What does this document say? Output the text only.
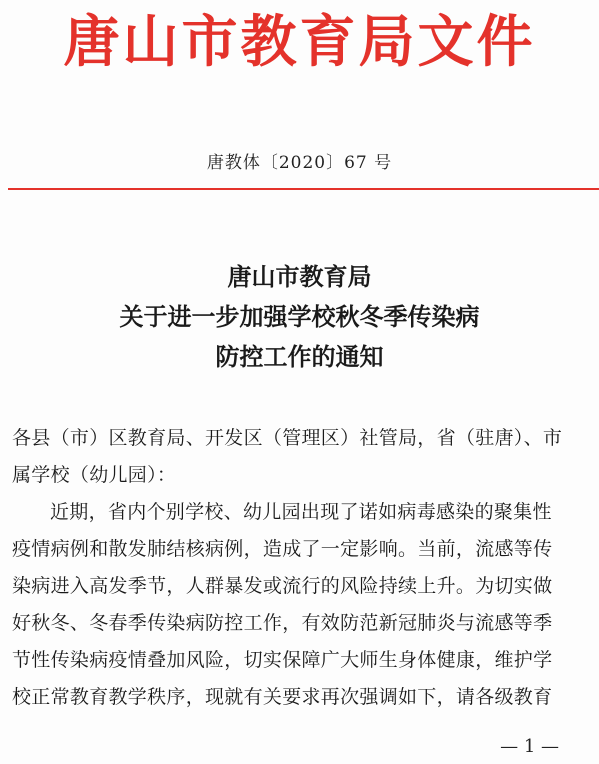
唐山市教育局文件
唐教体〔2020〕67 号
唐山市教育局
关于进一步加强学校秋冬季传染病
防控工作的通知
各县（市）区教育局、开发区（管理区）社管局，省（驻唐）、市
属学校（幼儿园）：
近期，省内个别学校、幼儿园出现了诺如病毒感染的聚集性
疫情病例和散发肺结核病例，造成了一定影响。当前，流感等传
染病进入高发季节，人群暴发或流行的风险持续上升。为切实做
好秋冬、冬春季传染病防控工作，有效防范新冠肺炎与流感等季
节性传染病疫情叠加风险，切实保障广大师生身体健康，维护学
校正常教育教学秩序，现就有关要求再次强调如下，请各级教育
— 1 —
